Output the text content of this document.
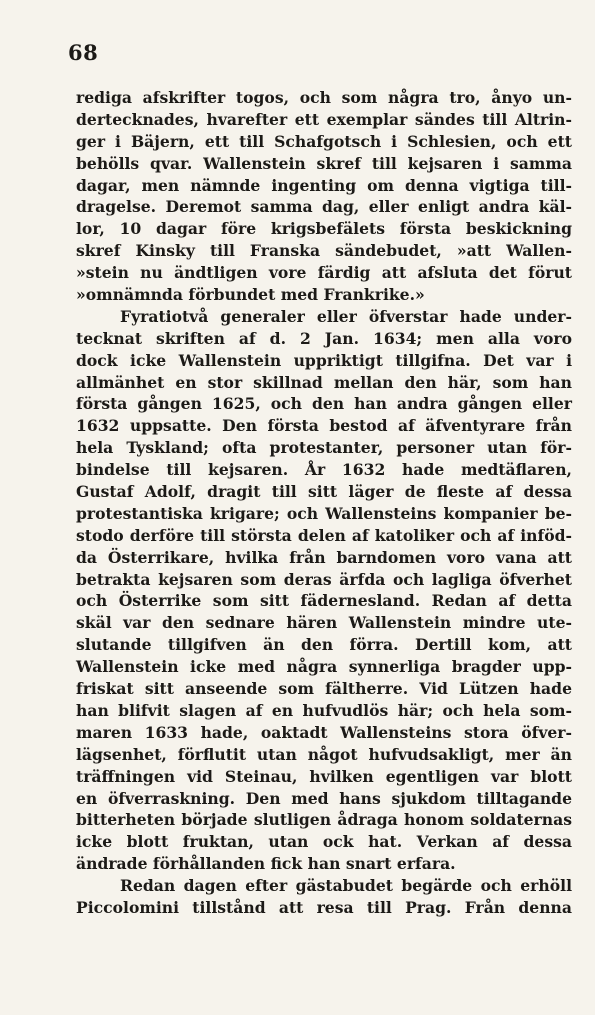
68
rediga afskrifter togos, och som några tro, ånyo un-
dertecknades, hvarefter ett exemplar sändes till Altrin-
ger i Bäjern, ett till Schafgotsch i Schlesien, och ett
behölls qvar. Wallenstein skref till kejsaren i samma
dagar, men nämnde ingenting om denna vigtiga till-
dragelse. Deremot samma dag, eller enligt andra käl-
lor, 10 dagar före krigsbefälets första beskickning
skref Kinsky till Franska sändebudet, »att Wallen-
»stein nu ändtligen vore färdig att afsluta det förut
»omnämnda förbundet med Frankrike.»
Fyratiotvå generaler eller öfverstar hade under-
tecknat skriften af d. 2 Jan. 1634; men alla voro
dock icke Wallenstein uppriktigt tillgifna. Det var i
allmänhet en stor skillnad mellan den här, som han
första gången 1625, och den han andra gången eller
1632 uppsatte. Den första bestod af äfventyrare från
hela Tyskland; ofta protestanter, personer utan för-
bindelse till kejsaren. År 1632 hade medtäflaren,
Gustaf Adolf, dragit till sitt läger de fleste af dessa
protestantiska krigare; och Wallensteins kompanier be-
stodo derföre till största delen af katoliker och af inföd-
da Österrikare, hvilka från barndomen voro vana att
betrakta kejsaren som deras ärfda och lagliga öfverhet
och Österrike som sitt fädernesland. Redan af detta
skäl var den sednare hären Wallenstein mindre ute-
slutande tillgifven än den förra. Dertill kom, att
Wallenstein icke med några synnerliga bragder upp-
friskat sitt anseende som fältherre. Vid Lützen hade
han blifvit slagen af en hufvudlös här; och hela som-
maren 1633 hade, oaktadt Wallensteins stora öfver-
lägsenhet, förflutit utan något hufvudsakligt, mer än
träffningen vid Steinau, hvilken egentligen var blott
en öfverraskning. Den med hans sjukdom tilltagande
bitterheten började slutligen ådraga honom soldaternas
icke blott fruktan, utan ock hat. Verkan af dessa
ändrade förhållanden fick han snart erfara.
Redan dagen efter gästabudet begärde och erhöll
Piccolomini tillstånd att resa till Prag. Från denna
